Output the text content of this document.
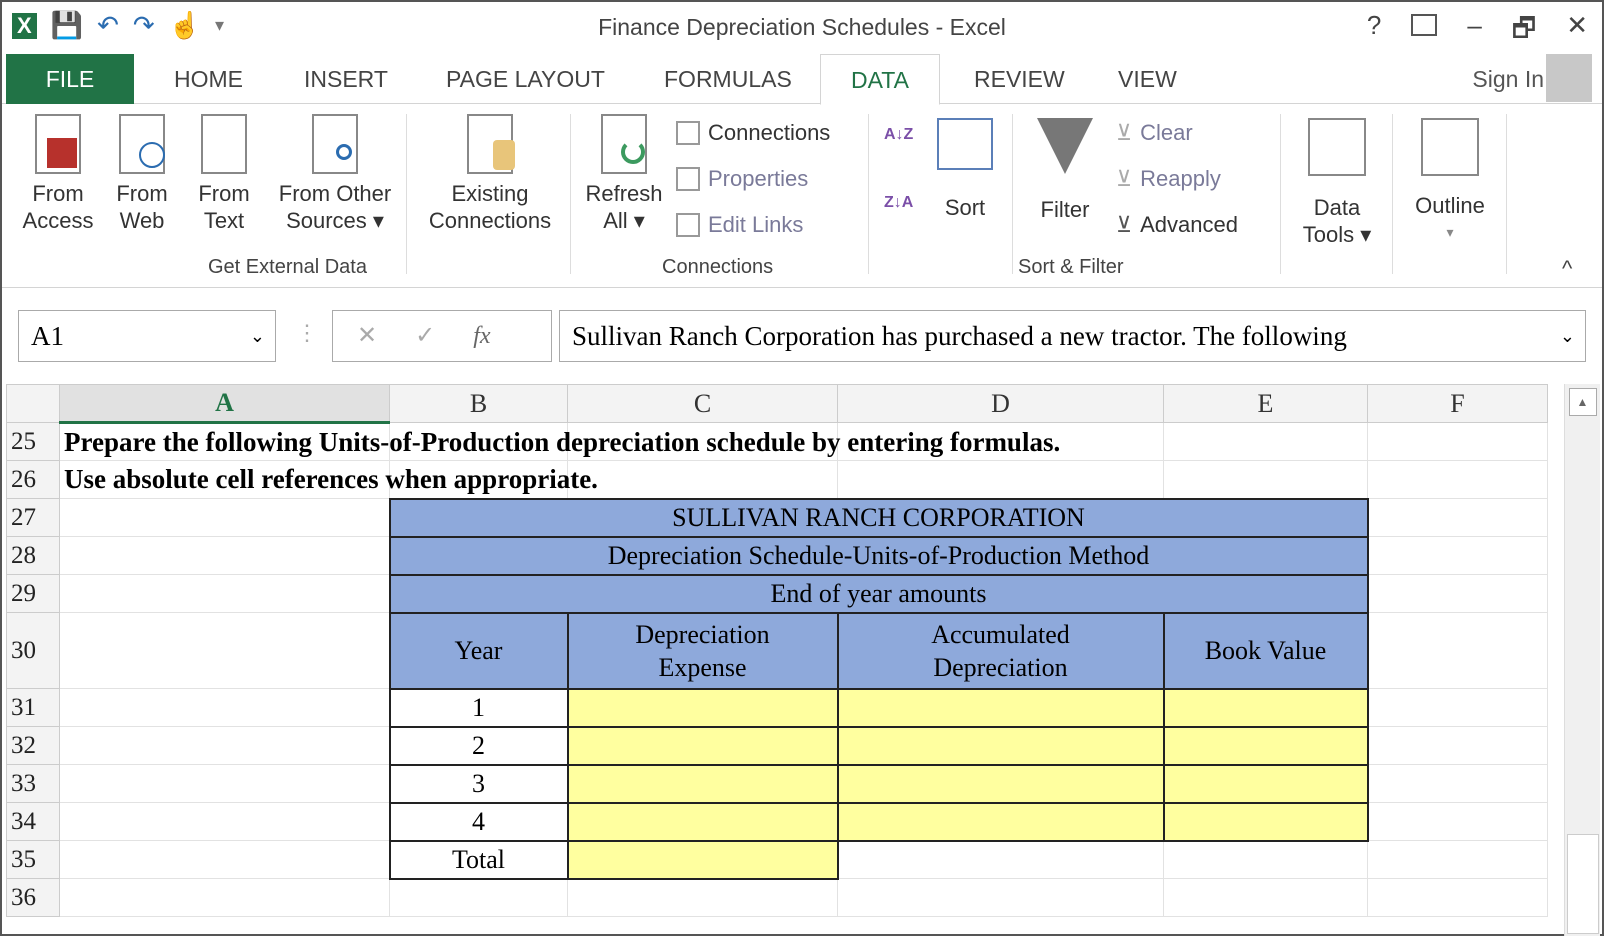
X 💾 ↶ ↷ ☝ ▾	Finance Depreciation Schedules - Excel	?	– 🗗 ✕
FILE	HOME	INSERT	PAGE LAYOUT	FORMULAS	DATA	REVIEW	VIEW	Sign In
From
Access
From
Web
From
Text
From Other
Sources ▾
Existing
Connections
Refresh
All ▾
Connections
Properties
Edit Links
A↓Z
Z↓A	Sort	Filter
⊻ Clear
⊻ Reapply
⊻ Advanced
Data
Tools ▾
Outline
▾
Get External Data	Connections	Sort & Filter	^
A1	⌄ ⋮ ✕ ✓ fx	Sullivan Ranch Corporation has purchased a new tractor. The following	⌄
	A	B	C	D	E	F
25	Prepare the following Units-of-Production depreciation schedule by entering formulas.					
26	Use absolute cell references when appropriate.					
27		SULLIVAN RANCH CORPORATION				
28		Depreciation Schedule-Units-of-Production Method				
29		End of year amounts				
30		Year	Depreciation Expense	Accumulated Depreciation	Book Value	
31		1				
32		2				
33		3				
34		4				
35		Total				
36						
▲
